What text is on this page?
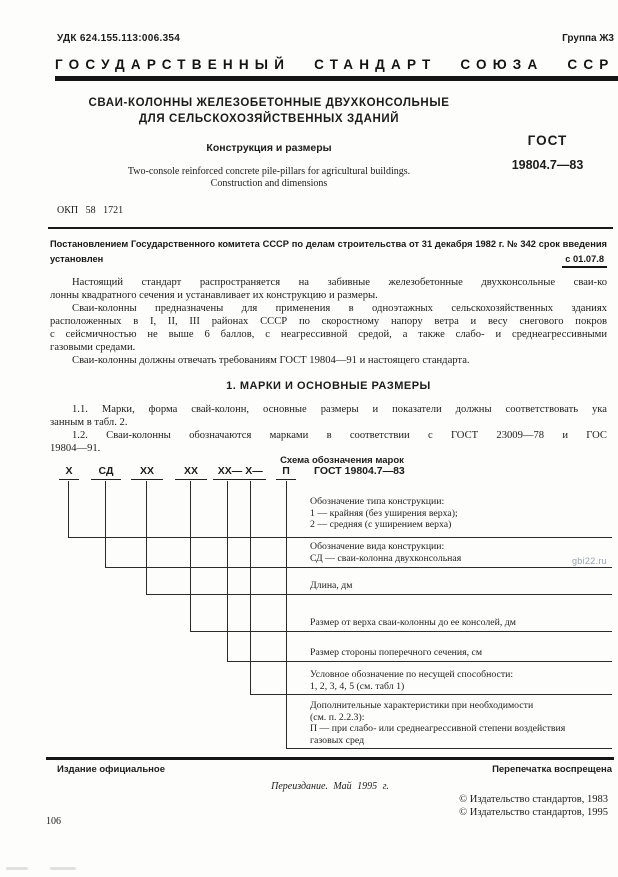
УДК 624.155.113:006.354	Группа Ж3
ГОСУДАРСТВЕННЫЙ СТАНДАРТ СОЮЗА ССР
СВАИ-КОЛОННЫ ЖЕЛЕЗОБЕТОННЫЕ ДВУХКОНСОЛЬНЫЕ
ДЛЯ СЕЛЬСКОХОЗЯЙСТВЕННЫХ ЗДАНИЙ
Конструкция и размеры
Two-console reinforced concrete pile-pillars for agricultural buildings.
Construction and dimensions
ГОСТ
19804.7—83
ОКП 58 1721
Постановлением Государственного комитета СССР по делам строительства от 31 декабря 1982 г. № 342 срок введения
установлен	с 01.07.8
Настоящий стандарт распространяется на забивные железобетонные двухконсольные сваи-ко
лонны квадратного сечения и устанавливает их конструкцию и размеры.
Сваи-колонны предназначены для применения в одноэтажных сельскохозяйственных зданиях
расположенных в I, II, III районах СССР по скоростному напору ветра и весу снегового покров
с сейсмичностью не выше 6 баллов, с неагрессивной средой, а также слабо- и среднеагрессивными
газовыми средами.
Сваи-колонны должны отвечать требованиям ГОСТ 19804—91 и настоящего стандарта.
1. МАРКИ И ОСНОВНЫЕ РАЗМЕРЫ
1.1. Марки, форма свай-колонн, основные размеры и показатели должны соответствовать ука
занным в табл. 2.
1.2. Сваи-колонны обозначаются марками в соответствии с ГОСТ 23009—78 и ГОС
19804—91.
Схема обозначения марок
X	СД	XX	XX	XX— X—	П	ГОСТ 19804.7—83
Обозначение типа конструкции:
1 — крайняя (без уширения верха);
2 — средняя (с уширением верха)
Обозначение вида конструкции:
СД — сваи-колонна двухконсольная
Длина, дм
Размер от верха сваи-колонны до ее консолей, дм
Размер стороны поперечного сечения, см
Условное обозначение по несущей способности:
1, 2, 3, 4, 5 (см. табл 1)
Дополнительные характеристики при необходимости
(см. п. 2.2.3):
П — при слабо- или среднеагрессивной степени воздействия
газовых сред
gbi22.ru
Издание официальное	Перепечатка воспрещена
Переиздание. Май 1995 г.
© Издательство стандартов, 1983
© Издательство стандартов, 1995
106
